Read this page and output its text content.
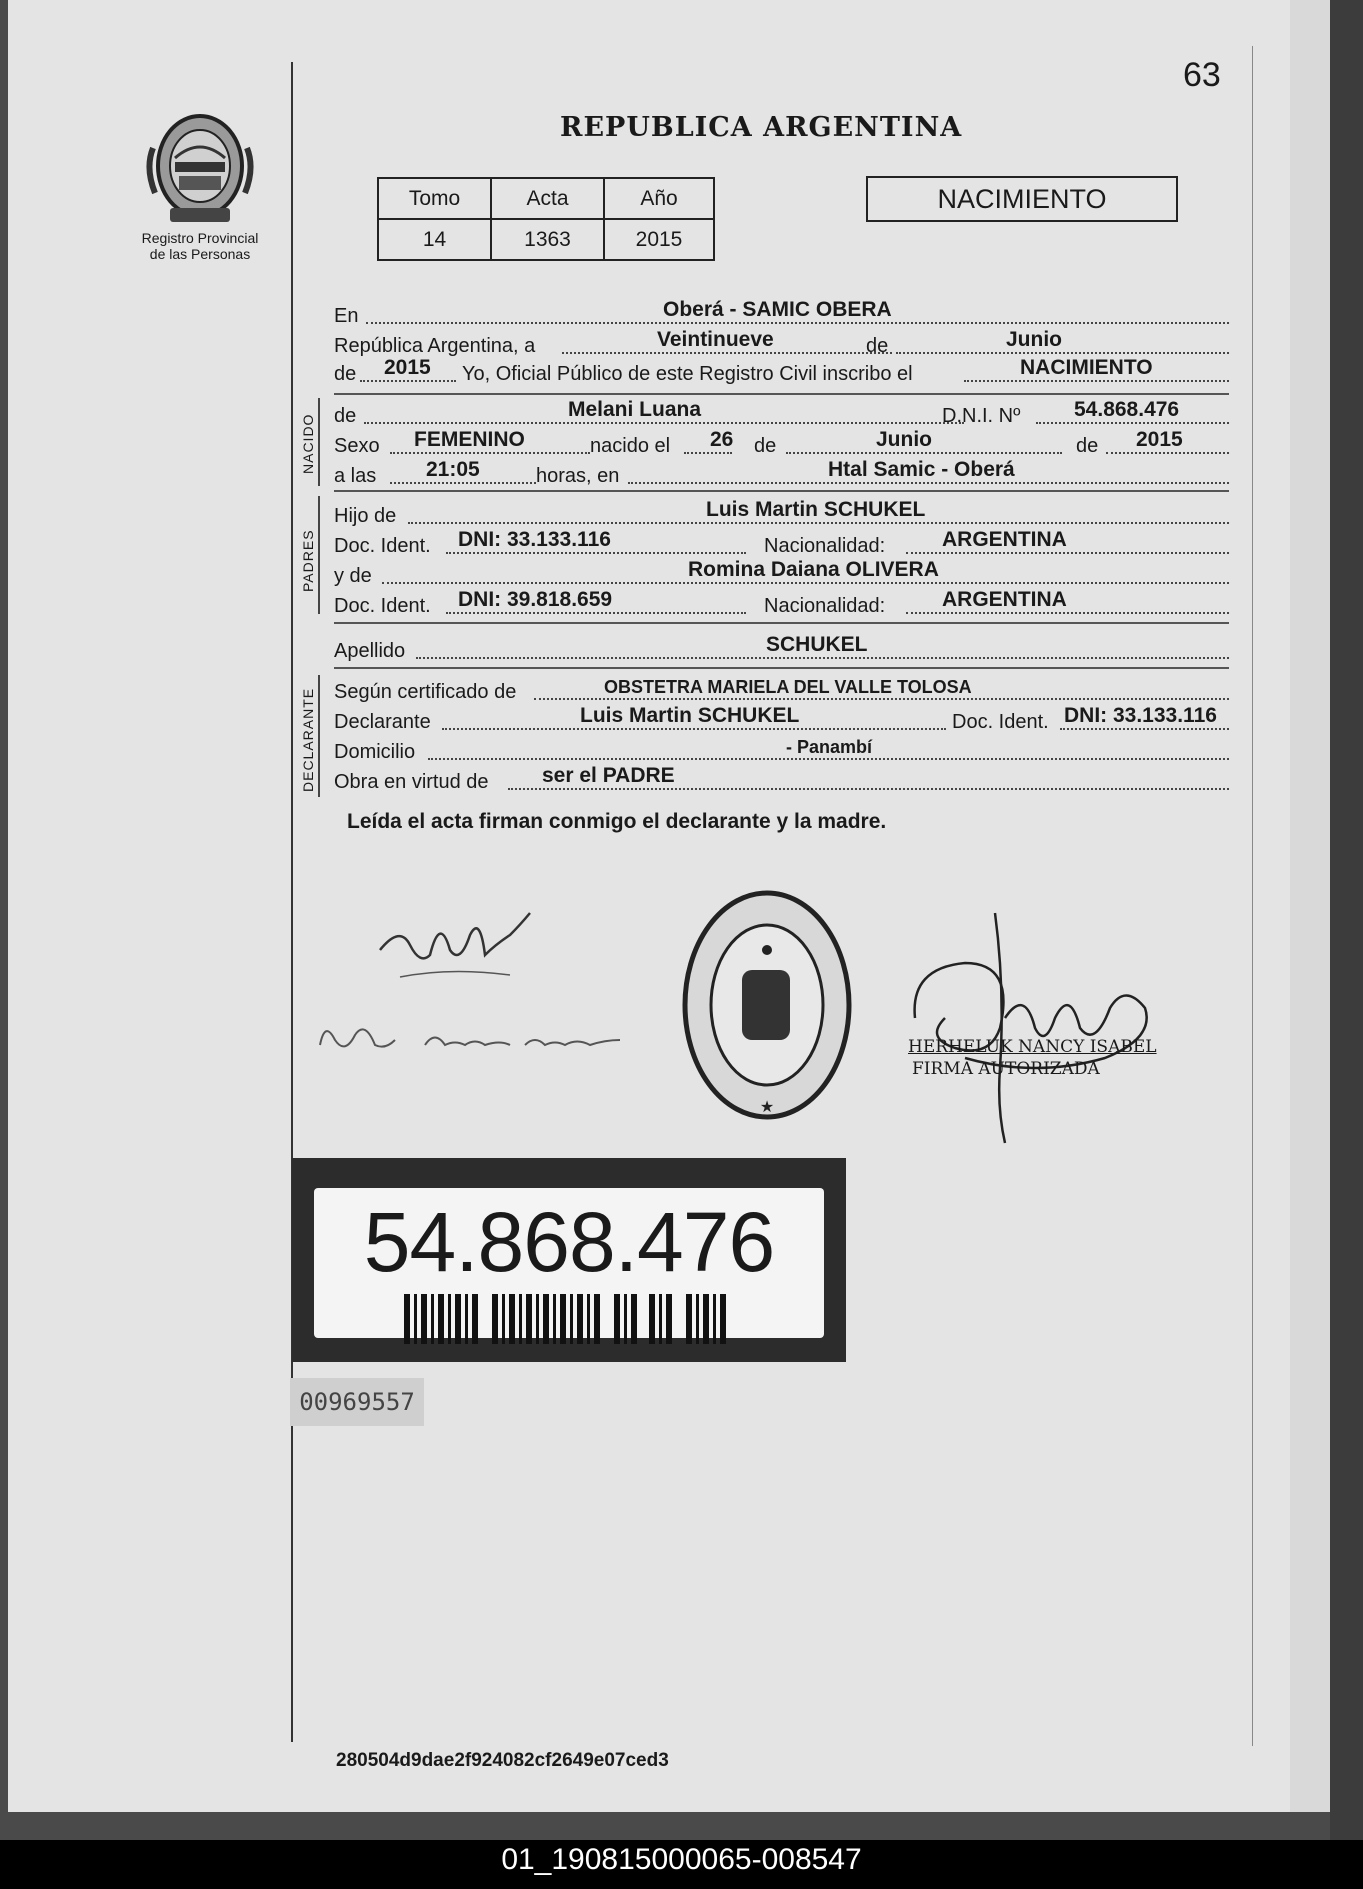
63
Registro Provincial
de las Personas
REPUBLICA ARGENTINA
Tomo	Acta	Año
14	1363	2015
NACIMIENTO
En	Oberá - SAMIC OBERA
República Argentina, a	Veintinueve	de	Junio
de 2015 Yo, Oficial Público de este Registro Civil inscribo el	NACIMIENTO
NACIDO de	Melani Luana	D.N.I. Nº	54.868.476
Sexo FEMENINO	nacido el 26 de	Junio	de 2015
a las 21:05	horas, en	Htal Samic - Oberá
PADRES
Hijo de	Luis Martin SCHUKEL
Doc. Ident. DNI: 33.133.116	Nacionalidad:	ARGENTINA
y de	Romina Daiana OLIVERA
Doc. Ident. DNI: 39.818.659	Nacionalidad:	ARGENTINA
Apellido	SCHUKEL
DECLARANTE Según certificado de	OBSTETRA MARIELA DEL VALLE TOLOSA
Declarante	Luis Martin SCHUKEL	Doc. Ident. DNI: 33.133.116
Domicilio	- Panambí
Obra en virtud de	ser el PADRE
Leída el acta firman conmigo el declarante y la madre.
★
HERHELUK NANCY ISABEL
FIRMA AUTORIZADA
54.868.476
00969557
280504d9dae2f924082cf2649e07ced3
01_190815000065-008547
